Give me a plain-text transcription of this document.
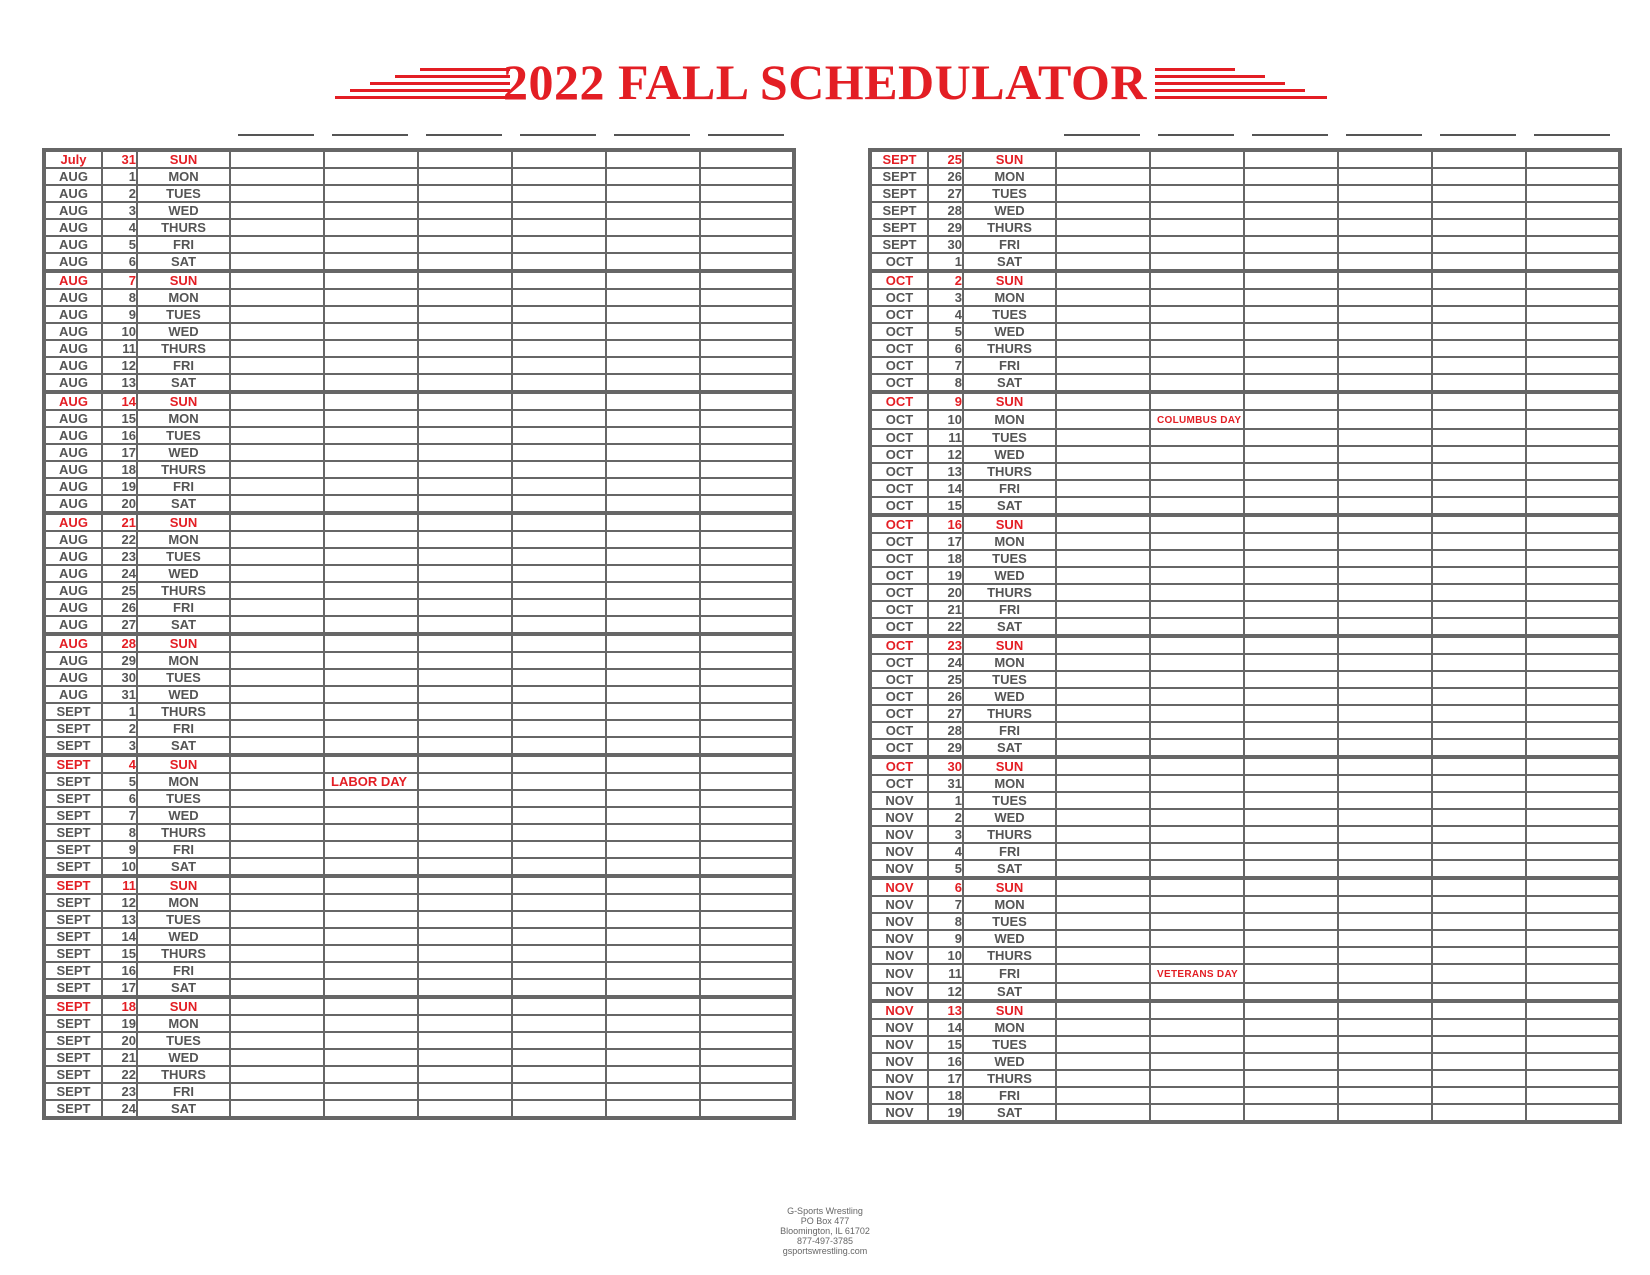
2022 FALL SCHEDULATOR
July	31	SUN						
AUG	1	MON						
AUG	2	TUES						
AUG	3	WED						
AUG	4	THURS						
AUG	5	FRI						
AUG	6	SAT						
AUG	7	SUN						
AUG	8	MON						
AUG	9	TUES						
AUG	10	WED						
AUG	11	THURS						
AUG	12	FRI						
AUG	13	SAT						
AUG	14	SUN						
AUG	15	MON						
AUG	16	TUES						
AUG	17	WED						
AUG	18	THURS						
AUG	19	FRI						
AUG	20	SAT						
AUG	21	SUN						
AUG	22	MON						
AUG	23	TUES						
AUG	24	WED						
AUG	25	THURS						
AUG	26	FRI						
AUG	27	SAT						
AUG	28	SUN						
AUG	29	MON						
AUG	30	TUES						
AUG	31	WED						
SEPT	1	THURS						
SEPT	2	FRI						
SEPT	3	SAT						
SEPT	4	SUN						
SEPT	5	MON		LABOR DAY				
SEPT	6	TUES						
SEPT	7	WED						
SEPT	8	THURS						
SEPT	9	FRI						
SEPT	10	SAT						
SEPT	11	SUN						
SEPT	12	MON						
SEPT	13	TUES						
SEPT	14	WED						
SEPT	15	THURS						
SEPT	16	FRI						
SEPT	17	SAT						
SEPT	18	SUN						
SEPT	19	MON						
SEPT	20	TUES						
SEPT	21	WED						
SEPT	22	THURS						
SEPT	23	FRI						
SEPT	24	SAT						
SEPT	25	SUN						
SEPT	26	MON						
SEPT	27	TUES						
SEPT	28	WED						
SEPT	29	THURS						
SEPT	30	FRI						
OCT	1	SAT						
OCT	2	SUN						
OCT	3	MON						
OCT	4	TUES						
OCT	5	WED						
OCT	6	THURS						
OCT	7	FRI						
OCT	8	SAT						
OCT	9	SUN						
OCT	10	MON		COLUMBUS DAY				
OCT	11	TUES						
OCT	12	WED						
OCT	13	THURS						
OCT	14	FRI						
OCT	15	SAT						
OCT	16	SUN						
OCT	17	MON						
OCT	18	TUES						
OCT	19	WED						
OCT	20	THURS						
OCT	21	FRI						
OCT	22	SAT						
OCT	23	SUN						
OCT	24	MON						
OCT	25	TUES						
OCT	26	WED						
OCT	27	THURS						
OCT	28	FRI						
OCT	29	SAT						
OCT	30	SUN						
OCT	31	MON						
NOV	1	TUES						
NOV	2	WED						
NOV	3	THURS						
NOV	4	FRI						
NOV	5	SAT						
NOV	6	SUN						
NOV	7	MON						
NOV	8	TUES						
NOV	9	WED						
NOV	10	THURS						
NOV	11	FRI		VETERANS DAY				
NOV	12	SAT						
NOV	13	SUN						
NOV	14	MON						
NOV	15	TUES						
NOV	16	WED						
NOV	17	THURS						
NOV	18	FRI						
NOV	19	SAT						
G-Sports Wrestling
PO Box 477
Bloomington, IL 61702
877-497-3785
gsportswrestling.com
